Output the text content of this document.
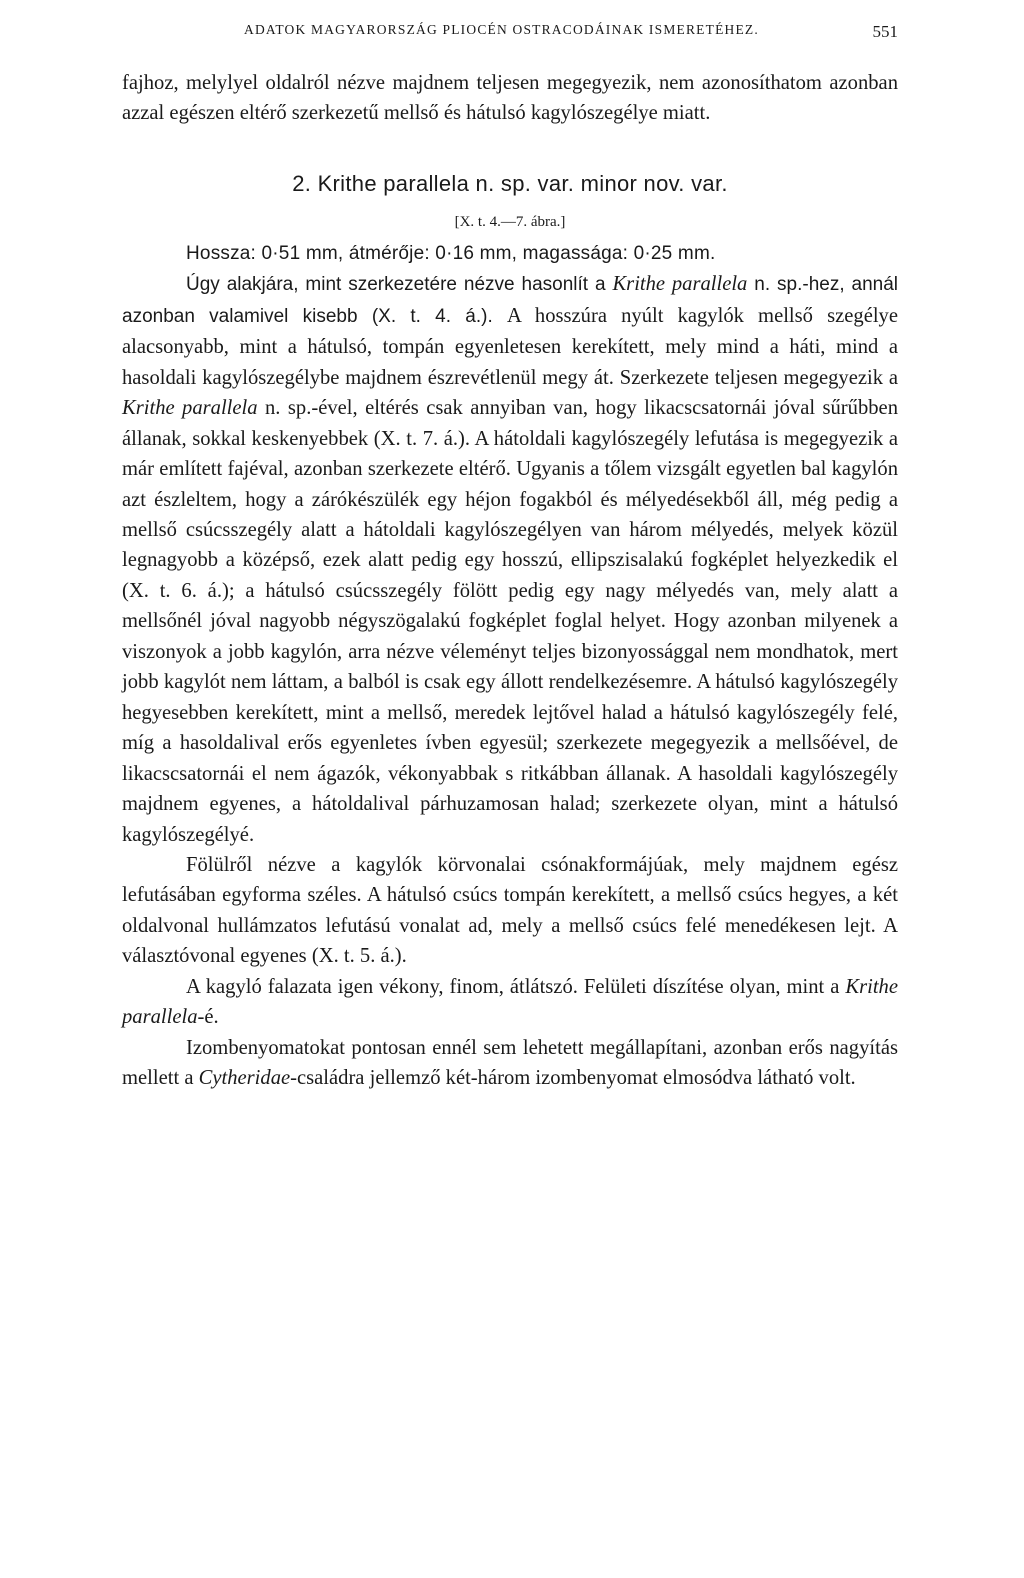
ADATOK MAGYARORSZÁG PLIOCÉN OSTRACODÁINAK ISMERETÉHEZ.	551

fajhoz, melylyel oldalról nézve majdnem teljesen megegyezik, nem azonosíthatom azonban azzal egészen eltérő szerkezetű mellső és hátulsó kagylószegélye miatt.

2. Krithe parallela n. sp. var. minor nov. var.
[X. t. 4.—7. ábra.]

Hossza: 0·51 mm, átmérője: 0·16 mm, magassága: 0·25 mm.

Úgy alakjára, mint szerkezetére nézve hasonlít a Krithe parallela n. sp.-hez, annál azonban valamivel kisebb (X. t. 4. á.). A hosszúra nyúlt kagylók mellső szegélye alacsonyabb, mint a hátulsó, tompán egyenletesen kerekített, mely mind a háti, mind a hasoldali kagylószegélybe majdnem észrevétlenül megy át. Szerkezete teljesen megegyezik a Krithe parallela n. sp.-ével, eltérés csak annyiban van, hogy likacscsatornái jóval sűrűbben állanak, sokkal keskenyebbek (X. t. 7. á.). A hátoldali kagylószegély lefutása is megegyezik a már említett fajéval, azonban szerkezete eltérő. Ugyanis a tőlem vizsgált egyetlen bal kagylón azt észleltem, hogy a zárókészülék egy héjon fogakból és mélyedésekből áll, még pedig a mellső csúcsszegély alatt a hátoldali kagylószegélyen van három mélyedés, melyek közül legnagyobb a középső, ezek alatt pedig egy hosszú, ellipszisalakú fogképlet helyezkedik el (X. t. 6. á.); a hátulsó csúcsszegély fölött pedig egy nagy mélyedés van, mely alatt a mellsőnél jóval nagyobb négyszögalakú fogképlet foglal helyet. Hogy azonban milyenek a viszonyok a jobb kagylón, arra nézve véleményt teljes bizonyossággal nem mondhatok, mert jobb kagylót nem láttam, a balból is csak egy állott rendelkezésemre. A hátulsó kagylószegély hegyesebben kerekített, mint a mellső, meredek lejtővel halad a hátulsó kagylószegély felé, míg a hasoldalival erős egyenletes ívben egyesül; szerkezete megegyezik a mellsőével, de likacscsatornái el nem ágazók, vékonyabbak s ritkábban állanak. A hasoldali kagylószegély majdnem egyenes, a hátoldalival párhuzamosan halad; szerkezete olyan, mint a hátulsó kagylószegélyé.

Fölülről nézve a kagylók körvonalai csónakformájúak, mely majdnem egész lefutásában egyforma széles. A hátulsó csúcs tompán kerekített, a mellső csúcs hegyes, a két oldalvonal hullámzatos lefutású vonalat ad, mely a mellső csúcs felé menedékesen lejt. A választóvonal egyenes (X. t. 5. á.).

A kagyló falazata igen vékony, finom, átlátszó. Felületi díszítése olyan, mint a Krithe parallela-é.

Izombenyomatokat pontosan ennél sem lehetett megállapítani, azonban erős nagyítás mellett a Cytheridae-családra jellemző két-három izombenyomat elmosódva látható volt.
